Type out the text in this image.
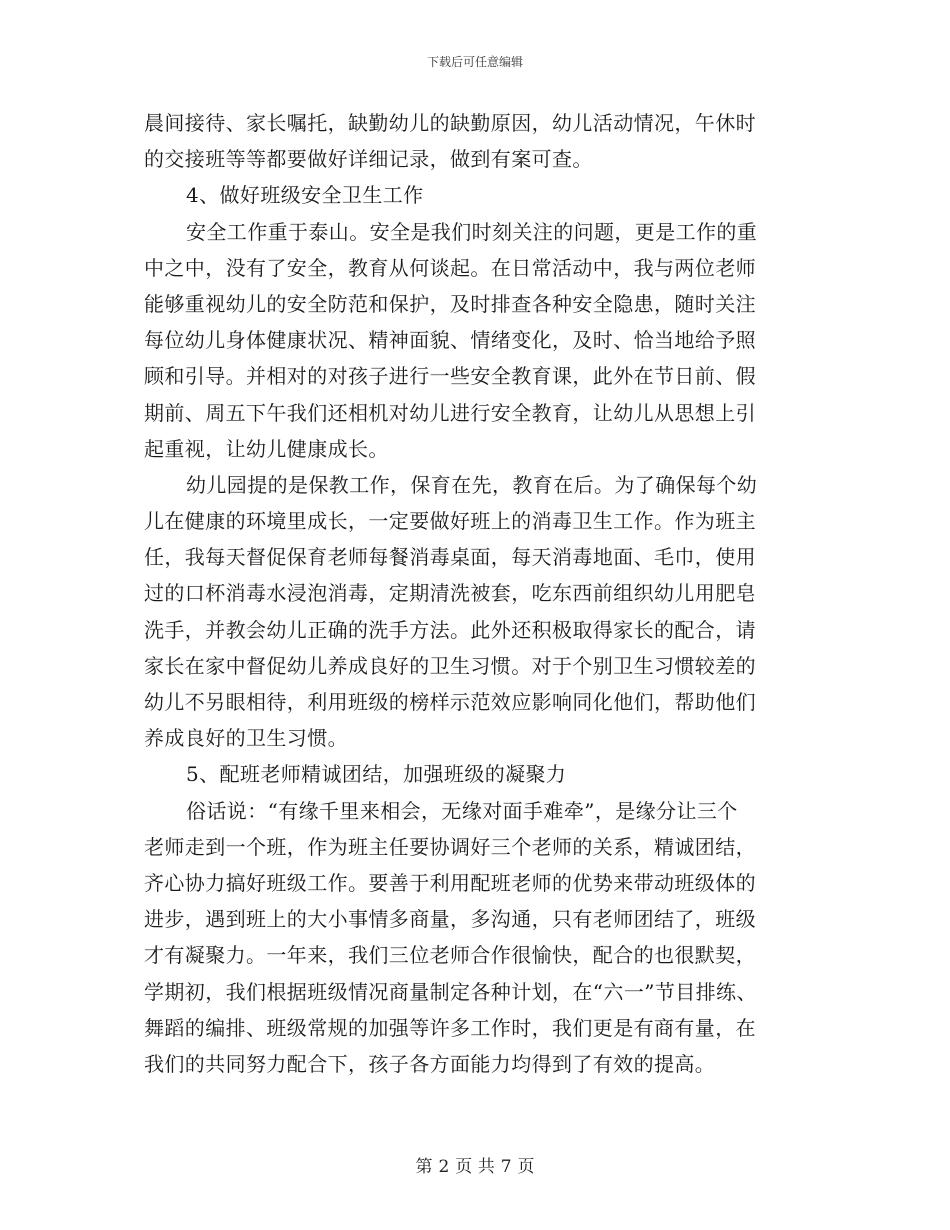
下载后可任意编辑
晨间接待、家长嘱托，缺勤幼儿的缺勤原因，幼儿活动情况，午休时
的交接班等等都要做好详细记录，做到有案可查。
4、做好班级安全卫生工作
安全工作重于泰山。安全是我们时刻关注的问题，更是工作的重
中之中，没有了安全，教育从何谈起。在日常活动中，我与两位老师
能够重视幼儿的安全防范和保护，及时排查各种安全隐患，随时关注
每位幼儿身体健康状况、精神面貌、情绪变化，及时、恰当地给予照
顾和引导。并相对的对孩子进行一些安全教育课，此外在节日前、假
期前、周五下午我们还相机对幼儿进行安全教育，让幼儿从思想上引
起重视，让幼儿健康成长。
幼儿园提的是保教工作，保育在先，教育在后。为了确保每个幼
儿在健康的环境里成长，一定要做好班上的消毒卫生工作。作为班主
任，我每天督促保育老师每餐消毒桌面，每天消毒地面、毛巾，使用
过的口杯消毒水浸泡消毒，定期清洗被套，吃东西前组织幼儿用肥皂
洗手，并教会幼儿正确的洗手方法。此外还积极取得家长的配合，请
家长在家中督促幼儿养成良好的卫生习惯。对于个别卫生习惯较差的
幼儿不另眼相待，利用班级的榜样示范效应影响同化他们，帮助他们
养成良好的卫生习惯。
5、配班老师精诚团结，加强班级的凝聚力
俗话说：“有缘千里来相会，无缘对面手难牵”，是缘分让三个
老师走到一个班，作为班主任要协调好三个老师的关系，精诚团结，
齐心协力搞好班级工作。要善于利用配班老师的优势来带动班级体的
进步，遇到班上的大小事情多商量，多沟通，只有老师团结了，班级
才有凝聚力。一年来，我们三位老师合作很愉快，配合的也很默契，
学期初，我们根据班级情况商量制定各种计划，在“六一”节目排练、
舞蹈的编排、班级常规的加强等许多工作时，我们更是有商有量，在
我们的共同努力配合下，孩子各方面能力均得到了有效的提高。
第 2 页 共 7 页
